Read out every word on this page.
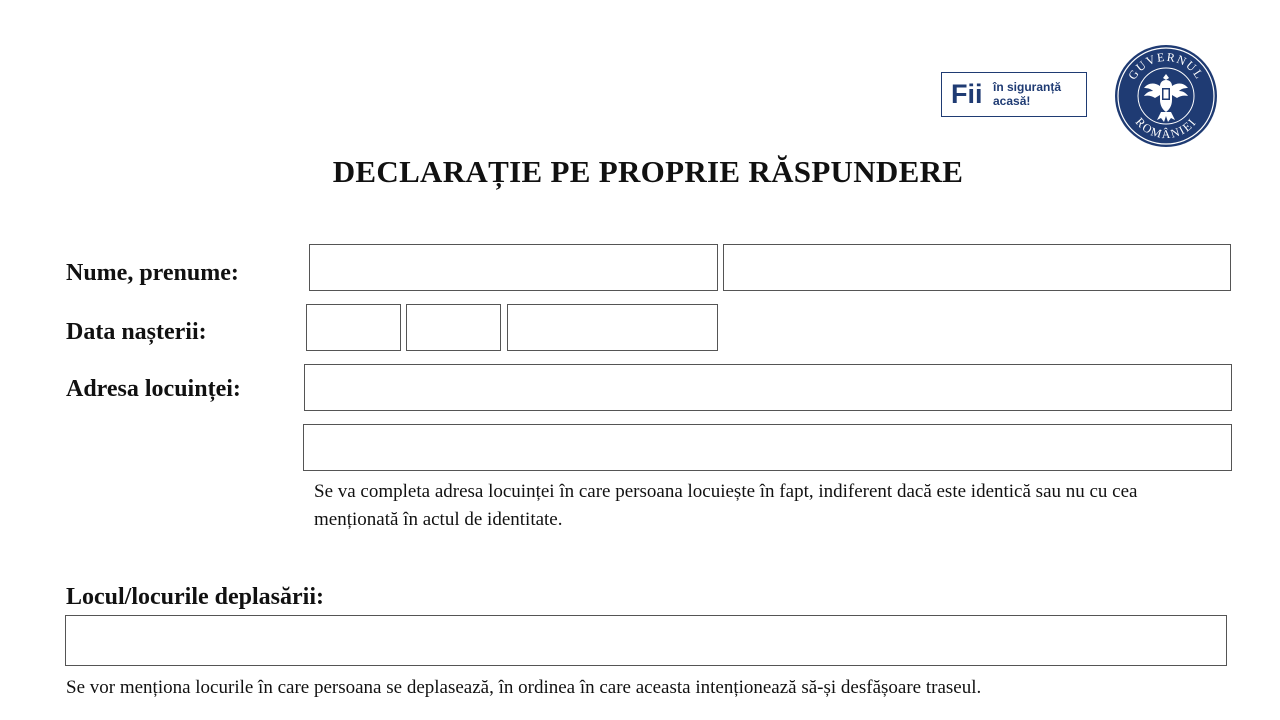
Fii în siguranță
acasă!
GUVERNUL
ROMÂNIEI
DECLARAȚIE PE PROPRIE RĂSPUNDERE
Nume, prenume:
Data nașterii:
Adresa locuinței:
Se va completa adresa locuinței în care persoana locuiește în fapt, indiferent dacă este identică sau nu cu cea menționată în actul de identitate.
Locul/locurile deplasării:
Se vor menționa locurile în care persoana se deplasează, în ordinea în care aceasta intenționează să-și desfășoare traseul.
